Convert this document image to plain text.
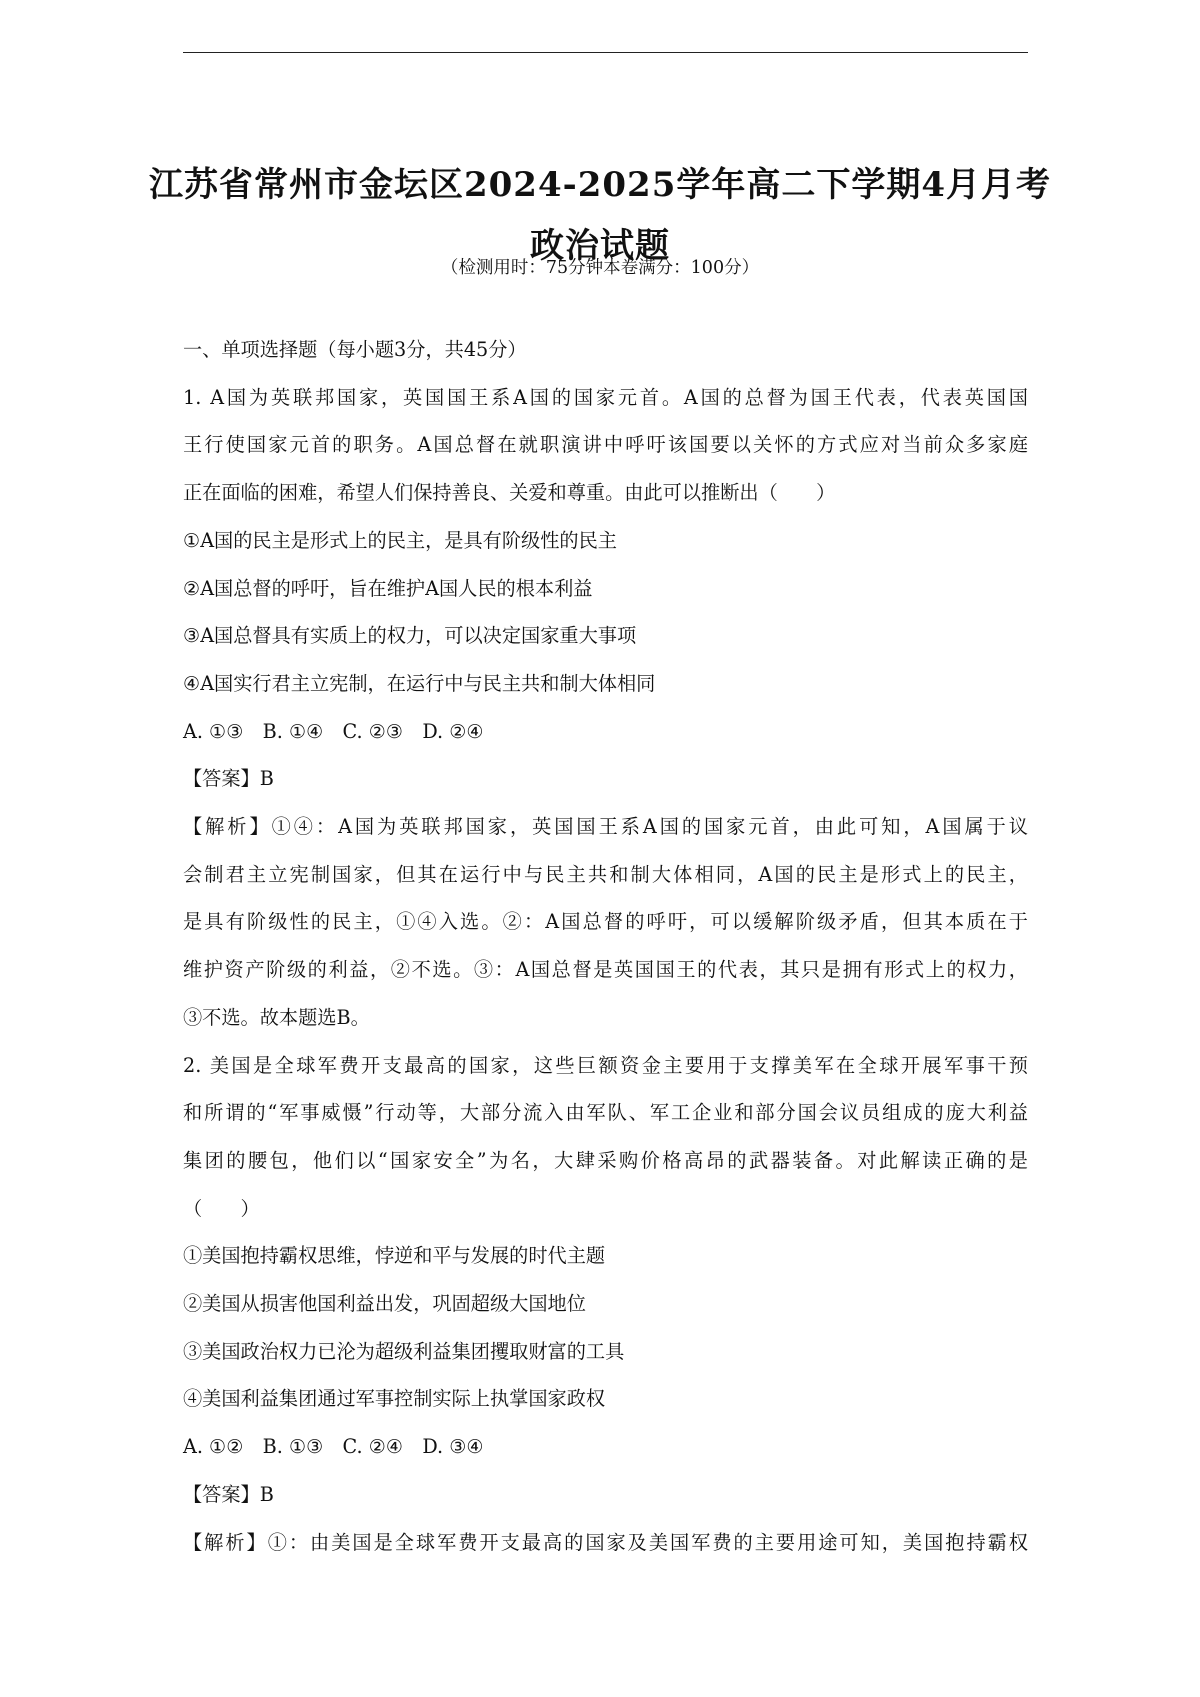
江苏省常州市金坛区2024-2025学年高二下学期4月月考
政治试题
（检测用时：75分钟本卷满分：100分）
一、单项选择题（每小题3分，共45分）
1. A国为英联邦国家，英国国王系A国的国家元首。A国的总督为国王代表，代表英国国
王行使国家元首的职务。A国总督在就职演讲中呼吁该国要以关怀的方式应对当前众多家庭
正在面临的困难，希望人们保持善良、关爱和尊重。由此可以推断出（　　）
①A国的民主是形式上的民主，是具有阶级性的民主
②A国总督的呼吁，旨在维护A国人民的根本利益
③A国总督具有实质上的权力，可以决定国家重大事项
④A国实行君主立宪制，在运行中与民主共和制大体相同
A. ①③　B. ①④　C. ②③　D. ②④
【答案】B
【解析】①④：A国为英联邦国家，英国国王系A国的国家元首，由此可知，A国属于议
会制君主立宪制国家，但其在运行中与民主共和制大体相同，A国的民主是形式上的民主，
是具有阶级性的民主，①④入选。②：A国总督的呼吁，可以缓解阶级矛盾，但其本质在于
维护资产阶级的利益，②不选。③：A国总督是英国国王的代表，其只是拥有形式上的权力，
③不选。故本题选B。
2. 美国是全球军费开支最高的国家，这些巨额资金主要用于支撑美军在全球开展军事干预
和所谓的“军事威慑”行动等，大部分流入由军队、军工企业和部分国会议员组成的庞大利益
集团的腰包，他们以“国家安全”为名，大肆采购价格高昂的武器装备。对此解读正确的是
（　　）
①美国抱持霸权思维，悖逆和平与发展的时代主题
②美国从损害他国利益出发，巩固超级大国地位
③美国政治权力已沦为超级利益集团攫取财富的工具
④美国利益集团通过军事控制实际上执掌国家政权
A. ①②　B. ①③　C. ②④　D. ③④
【答案】B
【解析】①：由美国是全球军费开支最高的国家及美国军费的主要用途可知，美国抱持霸权
